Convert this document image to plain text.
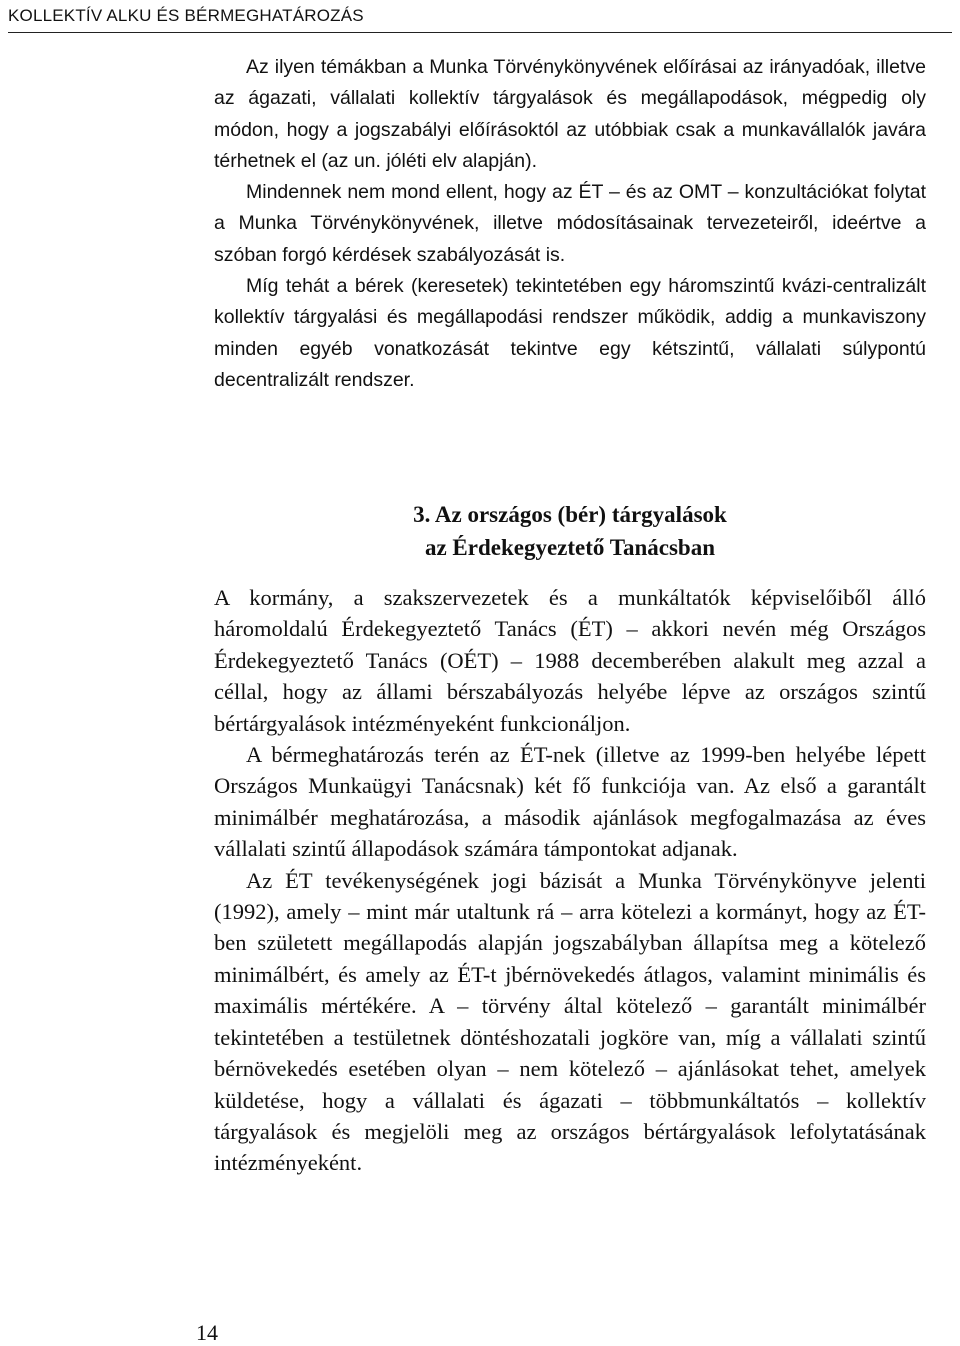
KOLLEKTÍV ALKU ÉS BÉRMEGHATÁROZÁS

Az ilyen témákban a Munka Törvénykönyvének előírásai az irányadóak, illetve az ágazati, vállalati kollektív tárgyalások és megállapodások, mégpedig oly módon, hogy a jogszabályi előírásoktól az utóbbiak csak a munkavállalók javára térhetnek el (az un. jóléti elv alapján).

Mindennek nem mond ellent, hogy az ÉT – és az OMT – konzultációkat folytat a Munka Törvénykönyvének, illetve módosításainak tervezeteiről, ideértve a szóban forgó kérdések szabályozását is.

Míg tehát a bérek (keresetek) tekintetében egy háromszintű kvázi-centralizált kollektív tárgyalási és megállapodási rendszer működik, addig a munkaviszony minden egyéb vonatkozását tekintve egy kétszintű, vállalati súlypontú decentralizált rendszer.

3. Az országos (bér) tárgyalások
az Érdekegyeztető Tanácsban

A kormány, a szakszervezetek és a munkáltatók képviselőiből álló háromoldalú Érdekegyeztető Tanács (ÉT) – akkori nevén még Országos Érdekegyeztető Tanács (OÉT) – 1988 decemberében alakult meg azzal a céllal, hogy az állami bérszabályozás helyébe lépve az országos szintű bértárgyalások intézményeként funkcionáljon.

A bérmeghatározás terén az ÉT-nek (illetve az 1999-ben helyébe lépett Országos Munkaügyi Tanácsnak) két fő funkciója van. Az első a garantált minimálbér meghatározása, a második ajánlások megfogalmazása az éves vállalati szintű állapodások számára támpontokat adjanak.

Az ÉT tevékenységének jogi bázisát a Munka Törvénykönyve jelenti (1992), amely – mint már utaltunk rá – arra kötelezi a kormányt, hogy az ÉT-ben született megállapodás alapján jogszabályban állapítsa meg a kötelező minimálbért, és amely az ÉT-t jbérnövekedés átlagos, valamint minimális és maximális mértékére. A – törvény által kötelező – garantált minimálbér tekintetében a testületnek döntéshozatali jogköre van, míg a vállalati szintű bérnövekedés esetében olyan – nem kötelező – ajánlásokat tehet, amelyek küldetése, hogy a vállalati és ágazati – többmunkáltatós – kollektív tárgyalások és megjelöli meg az országos bértárgyalások lefolytatásának intézményeként.

14
